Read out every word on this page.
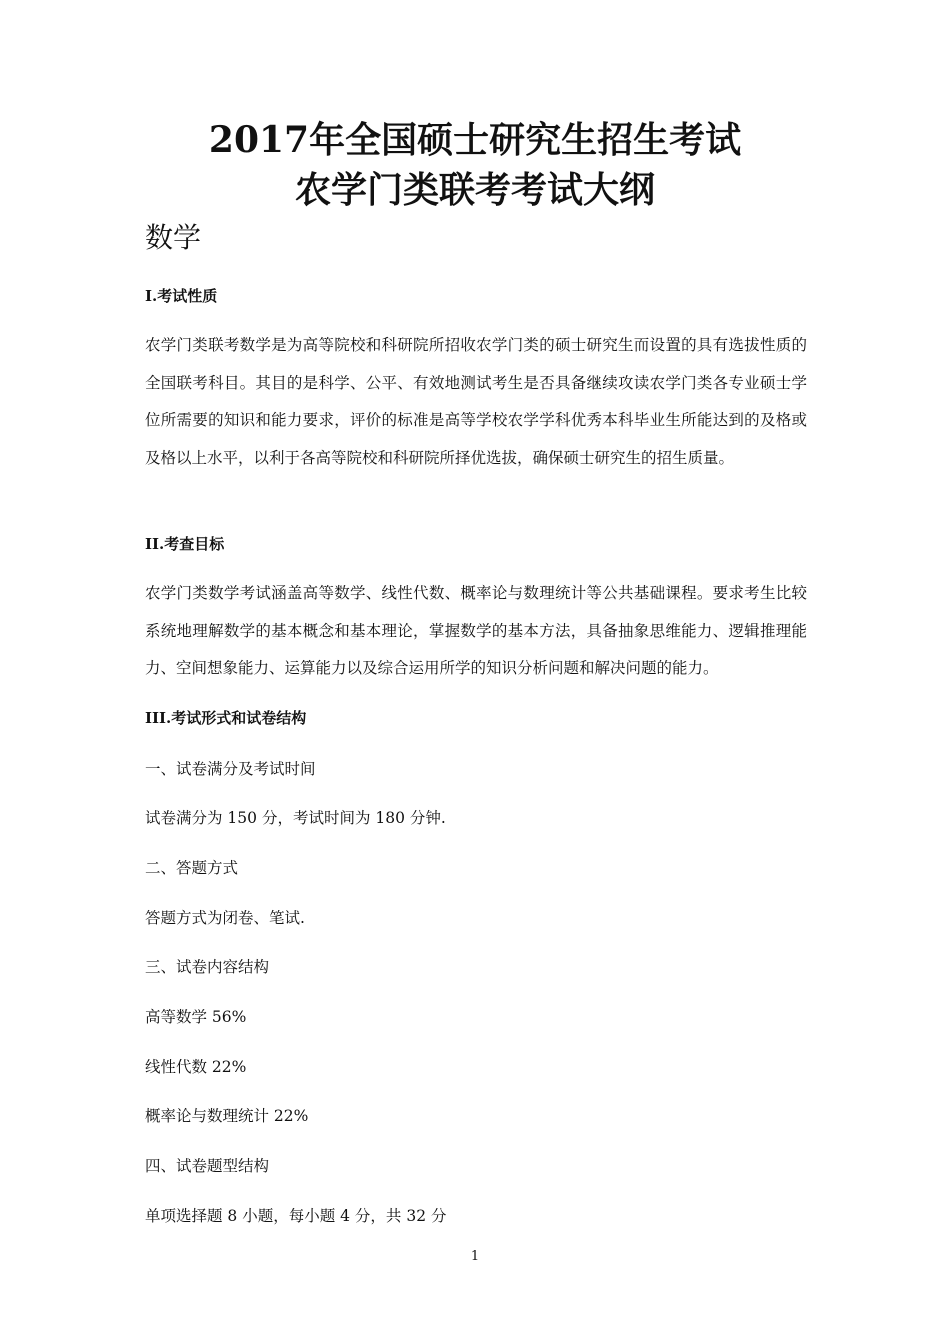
2017年全国硕士研究生招生考试
农学门类联考考试大纲
数学
I.考试性质

农学门类联考数学是为高等院校和科研院所招收农学门类的硕士研究生而设置的具有选拔性质的全国联考科目。其目的是科学、公平、有效地测试考生是否具备继续攻读农学门类各专业硕士学位所需要的知识和能力要求，评价的标准是高等学校农学学科优秀本科毕业生所能达到的及格或及格以上水平，以利于各高等院校和科研院所择优选拔，确保硕士研究生的招生质量。

II.考查目标

农学门类数学考试涵盖高等数学、线性代数、概率论与数理统计等公共基础课程。要求考生比较系统地理解数学的基本概念和基本理论，掌握数学的基本方法，具备抽象思维能力、逻辑推理能力、空间想象能力、运算能力以及综合运用所学的知识分析问题和解决问题的能力。

III.考试形式和试卷结构

一、试卷满分及考试时间

试卷满分为 150 分，考试时间为 180 分钟.

二、答题方式

答题方式为闭卷、笔试.

三、试卷内容结构

高等数学 56%

线性代数 22%

概率论与数理统计 22%

四、试卷题型结构

单项选择题 8 小题，每小题 4 分，共 32 分

1
